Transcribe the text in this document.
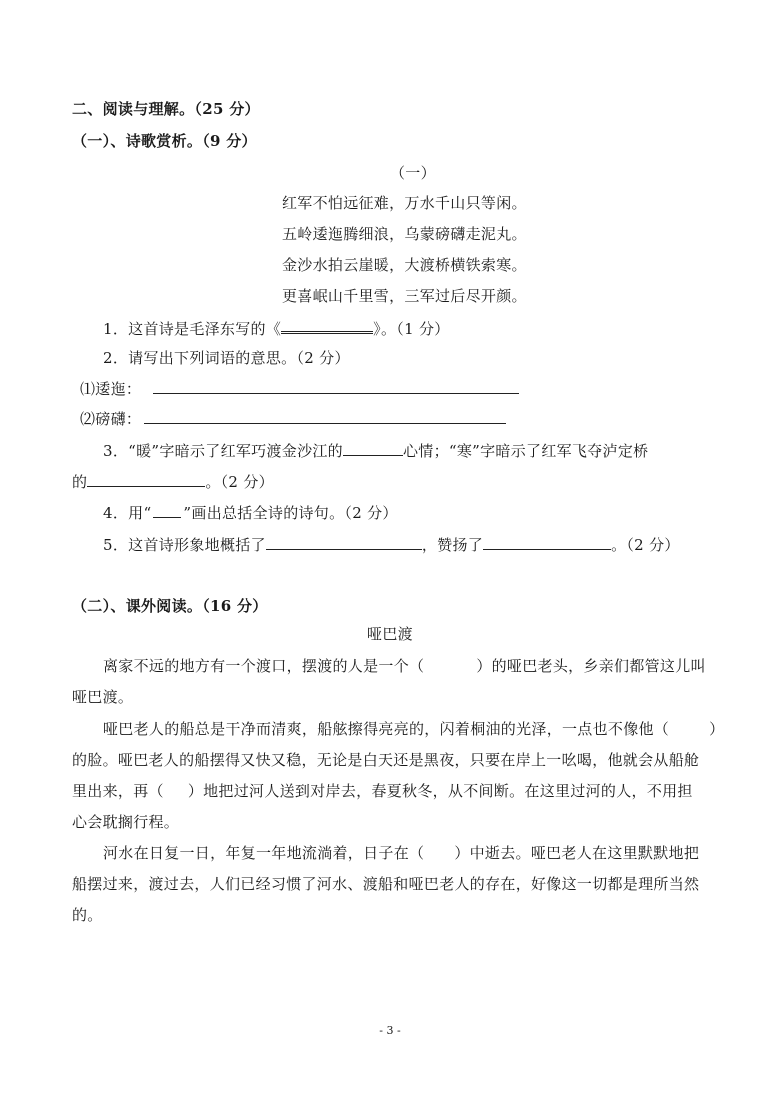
二、阅读与理解。（25 分）
（一）、诗歌赏析。（9 分）
（一）
红军不怕远征难，万水千山只等闲。
五岭逶迤腾细浪，乌蒙磅礴走泥丸。
金沙水拍云崖暖，大渡桥横铁索寒。
更喜岷山千里雪，三军过后尽开颜。
1．这首诗是毛泽东写的《	》。（1 分）
2．请写出下列词语的意思。（2 分）
⑴逶迤：
⑵磅礴：
3．“暖”字暗示了红军巧渡金沙江的	心情；“寒”字暗示了红军飞夺泸定桥
的	。（2 分）
4．用“ ”画出总括全诗的诗句。（2 分）
5．这首诗形象地概括了	，赞扬了	。（2 分）
（二）、课外阅读。（16 分）
哑巴渡
离家不远的地方有一个渡口，摆渡的人是一个（	）的哑巴老头，乡亲们都管这儿叫
哑巴渡。
哑巴老人的船总是干净而清爽，船舷擦得亮亮的，闪着桐油的光泽，一点也不像他（	）
的脸。哑巴老人的船摆得又快又稳，无论是白天还是黑夜，只要在岸上一吆喝，他就会从船舱
里出来，再（ ）地把过河人送到对岸去，春夏秋冬，从不间断。在这里过河的人，不用担
心会耽搁行程。
河水在日复一日，年复一年地流淌着，日子在（ ）中逝去。哑巴老人在这里默默地把
船摆过来，渡过去，人们已经习惯了河水、渡船和哑巴老人的存在，好像这一切都是理所当然
的。
- 3 -
